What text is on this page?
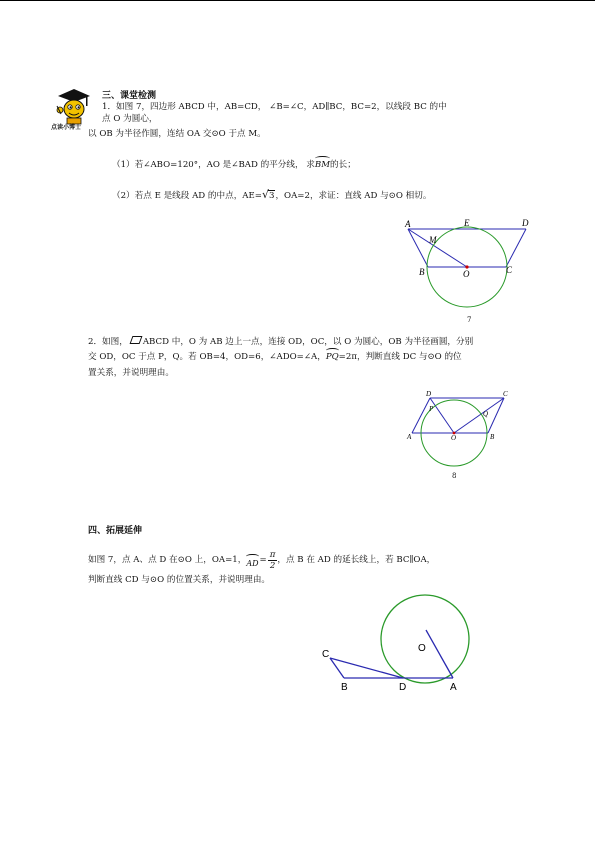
点读小博士
三、课堂检测
1．如图 7，四边形 ABCD 中，AB=CD， ∠B=∠C，AD∥BC，BC=2，以线段 BC 的中
点 O 为圆心，
以 OB 为半径作圆，连结 OA 交⊙O 于点 M。
（1）若∠ABO=120°，AO 是∠BAD 的平分线， 求
BM的长；
（2）若点 E 是线段 AD 的中点，AE= √ 3，OA=2，求证：直线 AD 与⊙O 相切。
A	E	D
M
B	O	C
7
2．如图， ABCD 中，O 为 AB 边上一点，连接 OD，OC，以 O 为圆心，OB 为半径画圆，分别
交 OD，OC 于点 P，Q。若 OB=4，OD=6，∠ADO=∠A，
PQ=2π，判断直线 DC 与⊙O 的位
置关系，并说明理由。
D	C
P
Q
A	O	B
8
四、拓展延伸
如图 7，点 A、点 D 在⊙O 上，OA=1，
$AD= \frac{\pi}{2}$ ，点 B 在 AD 的延长线上，若 BC∥OA，
判断直线 CD 与⊙O 的位置关系，并说明理由。
C
O
B	D	A
